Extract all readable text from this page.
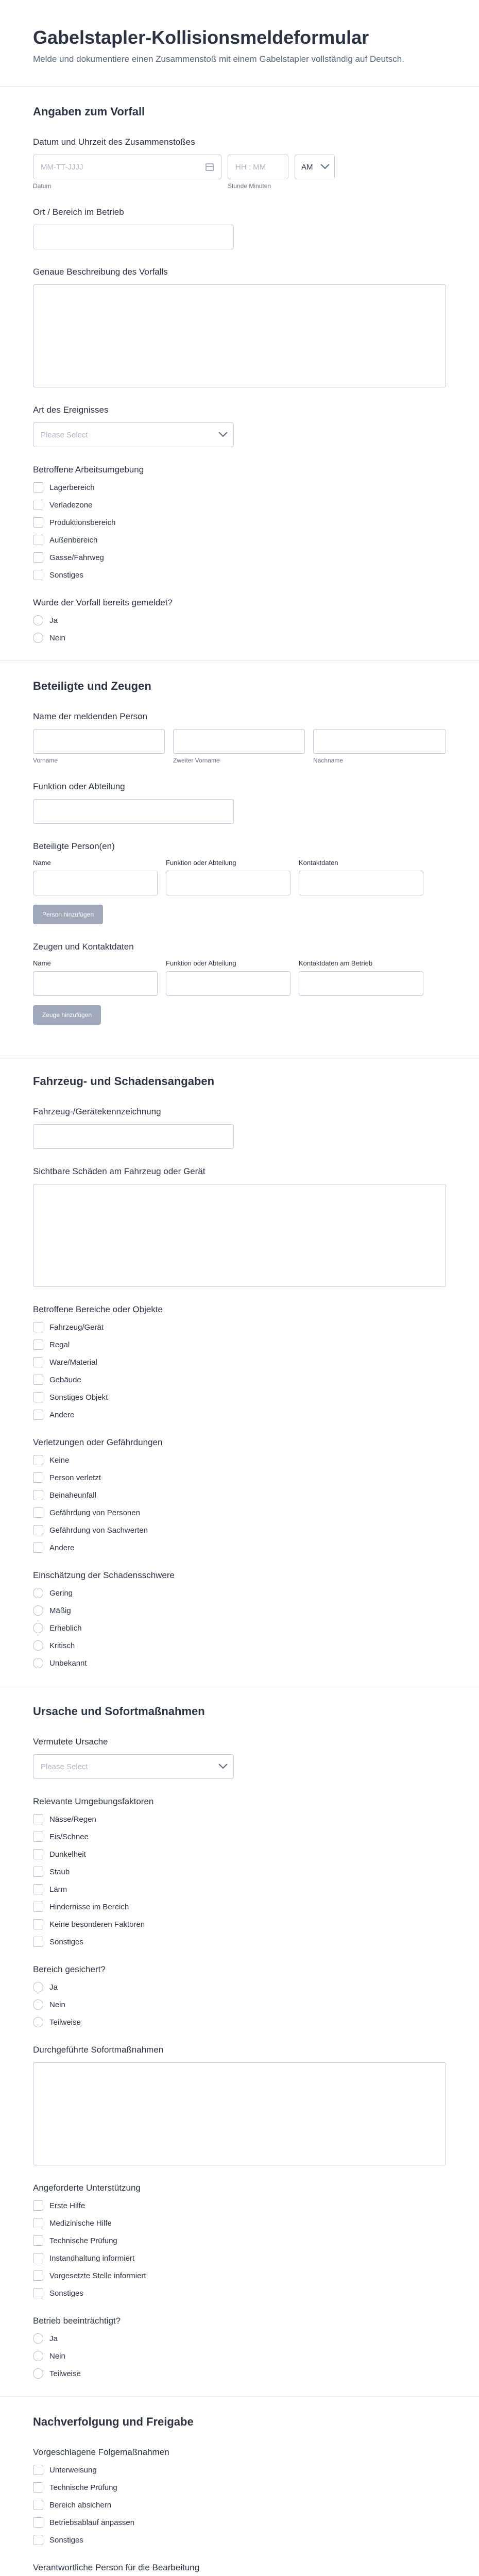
Gabelstapler-Kollisionsmeldeformular

Melde und dokumentiere einen Zusammenstoß mit einem Gabelstapler vollständig auf Deutsch.

Angaben zum Vorfall
Datum und Uhrzeit des Zusammenstoßes
MM-TT-JJJJ
Datum
HH : MM	Stunde Minuten
AM
Ort / Bereich im Betrieb
Genaue Beschreibung des Vorfalls
Art des Ereignisses
Please Select
Betroffene Arbeitsumgebung
Lagerbereich
Verladezone
Produktionsbereich
Außenbereich
Gasse/Fahrweg
Sonstiges
Wurde der Vorfall bereits gemeldet?
Ja
Nein
Beteiligte und Zeugen
Name der meldenden Person
Vorname	Zweiter Vorname	Nachname
Funktion oder Abteilung
Beteiligte Person(en)
Name	Funktion oder Abteilung	Kontaktdaten
Person hinzufügen
Zeugen und Kontaktdaten
Name	Funktion oder Abteilung	Kontaktdaten am Betrieb
Zeuge hinzufügen
Fahrzeug- und Schadensangaben
Fahrzeug-/Gerätekennzeichnung
Sichtbare Schäden am Fahrzeug oder Gerät
Betroffene Bereiche oder Objekte
Fahrzeug/Gerät
Regal
Ware/Material
Gebäude
Sonstiges Objekt
Andere
Verletzungen oder Gefährdungen
Keine
Person verletzt
Beinaheunfall
Gefährdung von Personen
Gefährdung von Sachwerten
Andere
Einschätzung der Schadensschwere
Gering
Mäßig
Erheblich
Kritisch
Unbekannt
Ursache und Sofortmaßnahmen
Vermutete Ursache
Please Select
Relevante Umgebungsfaktoren
Nässe/Regen
Eis/Schnee
Dunkelheit
Staub
Lärm
Hindernisse im Bereich
Keine besonderen Faktoren
Sonstiges
Bereich gesichert?
Ja
Nein
Teilweise
Durchgeführte Sofortmaßnahmen
Angeforderte Unterstützung
Erste Hilfe
Medizinische Hilfe
Technische Prüfung
Instandhaltung informiert
Vorgesetzte Stelle informiert
Sonstiges
Betrieb beeinträchtigt?
Ja
Nein
Teilweise
Nachverfolgung und Freigabe
Vorgeschlagene Folgemaßnahmen
Unterweisung
Technische Prüfung
Bereich absichern
Betriebsablauf anpassen
Sonstiges
Verantwortliche Person für die Bearbeitung
